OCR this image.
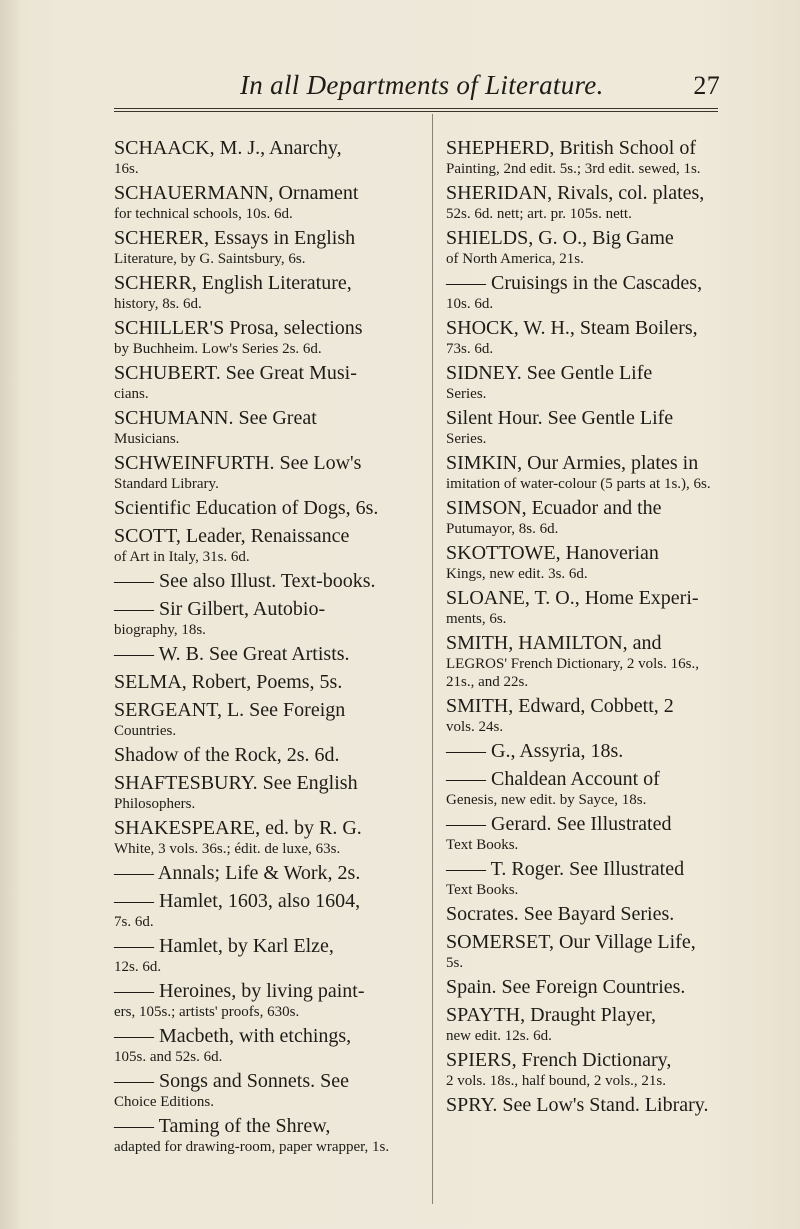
In all Departments of Literature.	27

SCHAACK, M. J., Anarchy,

16s.

SCHAUERMANN, Ornament

for technical schools, 10s. 6d.

SCHERER, Essays in English

Literature, by G. Saintsbury, 6s.

SCHERR, English Literature,

history, 8s. 6d.

SCHILLER'S Prosa, selections

by Buchheim. Low's Series 2s. 6d.

SCHUBERT. See Great Musi-

cians.

SCHUMANN. See Great

Musicians.

SCHWEINFURTH. See Low's

Standard Library.

Scientific Education of Dogs, 6s.

SCOTT, Leader, Renaissance

of Art in Italy, 31s. 6d.

—— See also Illust. Text-books.

—— Sir Gilbert, Autobio-

biography, 18s.

—— W. B. See Great Artists.

SELMA, Robert, Poems, 5s.

SERGEANT, L. See Foreign

Countries.

Shadow of the Rock, 2s. 6d.

SHAFTESBURY. See English

Philosophers.

SHAKESPEARE, ed. by R. G.

White, 3 vols. 36s.; édit. de luxe, 63s.

—— Annals; Life & Work, 2s.

—— Hamlet, 1603, also 1604,

7s. 6d.

—— Hamlet, by Karl Elze,

12s. 6d.

—— Heroines, by living paint-

ers, 105s.; artists' proofs, 630s.

—— Macbeth, with etchings,

105s. and 52s. 6d.

—— Songs and Sonnets. See

Choice Editions.

—— Taming of the Shrew,

adapted for drawing-room, paper wrapper, 1s.

SHEPHERD, British School of

Painting, 2nd edit. 5s.; 3rd edit. sewed, 1s.

SHERIDAN, Rivals, col. plates,

52s. 6d. nett; art. pr. 105s. nett.

SHIELDS, G. O., Big Game

of North America, 21s.

—— Cruisings in the Cascades,

10s. 6d.

SHOCK, W. H., Steam Boilers,

73s. 6d.

SIDNEY. See Gentle Life

Series.

Silent Hour. See Gentle Life

Series.

SIMKIN, Our Armies, plates in

imitation of water-colour (5 parts at 1s.), 6s.

SIMSON, Ecuador and the

Putumayor, 8s. 6d.

SKOTTOWE, Hanoverian

Kings, new edit. 3s. 6d.

SLOANE, T. O., Home Experi-

ments, 6s.

SMITH, HAMILTON, and

LEGROS' French Dictionary, 2 vols. 16s., 21s., and 22s.

SMITH, Edward, Cobbett, 2

vols. 24s.

—— G., Assyria, 18s.

—— Chaldean Account of

Genesis, new edit. by Sayce, 18s.

—— Gerard. See Illustrated

Text Books.

—— T. Roger. See Illustrated

Text Books.

Socrates. See Bayard Series.

SOMERSET, Our Village Life,

5s.

Spain. See Foreign Countries.

SPAYTH, Draught Player,

new edit. 12s. 6d.

SPIERS, French Dictionary,

2 vols. 18s., half bound, 2 vols., 21s.

SPRY. See Low's Stand. Library.
